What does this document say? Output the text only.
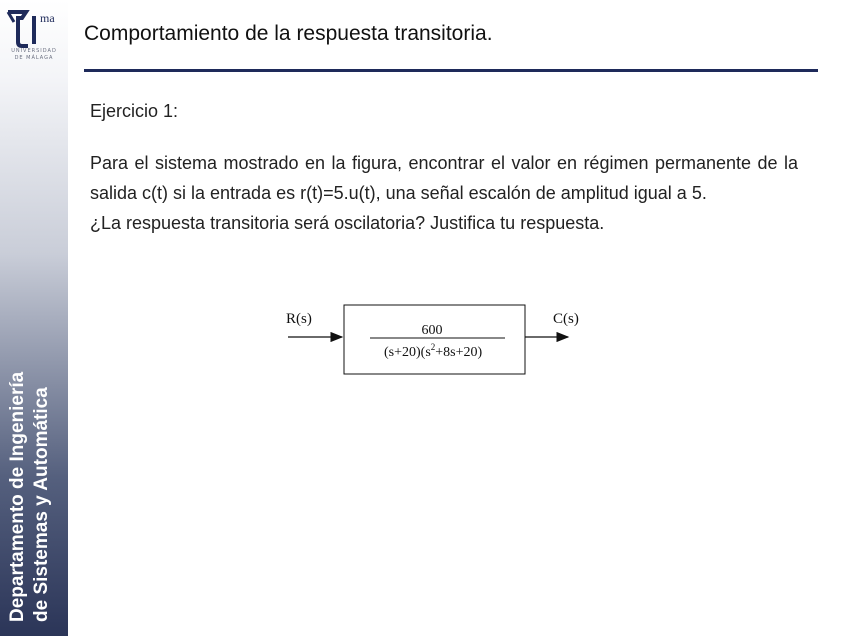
ma
UNIVERSIDAD
DE MÁLAGA
Departamento de Ingeniería de Sistemas y Automática
Comportamiento de la respuesta transitoria.
Ejercicio 1:
Para el sistema mostrado en la figura, encontrar el valor en régimen permanente de la salida c(t) si la entrada es r(t)=5.u(t), una señal escalón de amplitud igual a 5.
¿La respuesta transitoria será oscilatoria? Justifica tu respuesta.
R(s)
600
$(s+20)(s^2+8s+20)$
C(s)
